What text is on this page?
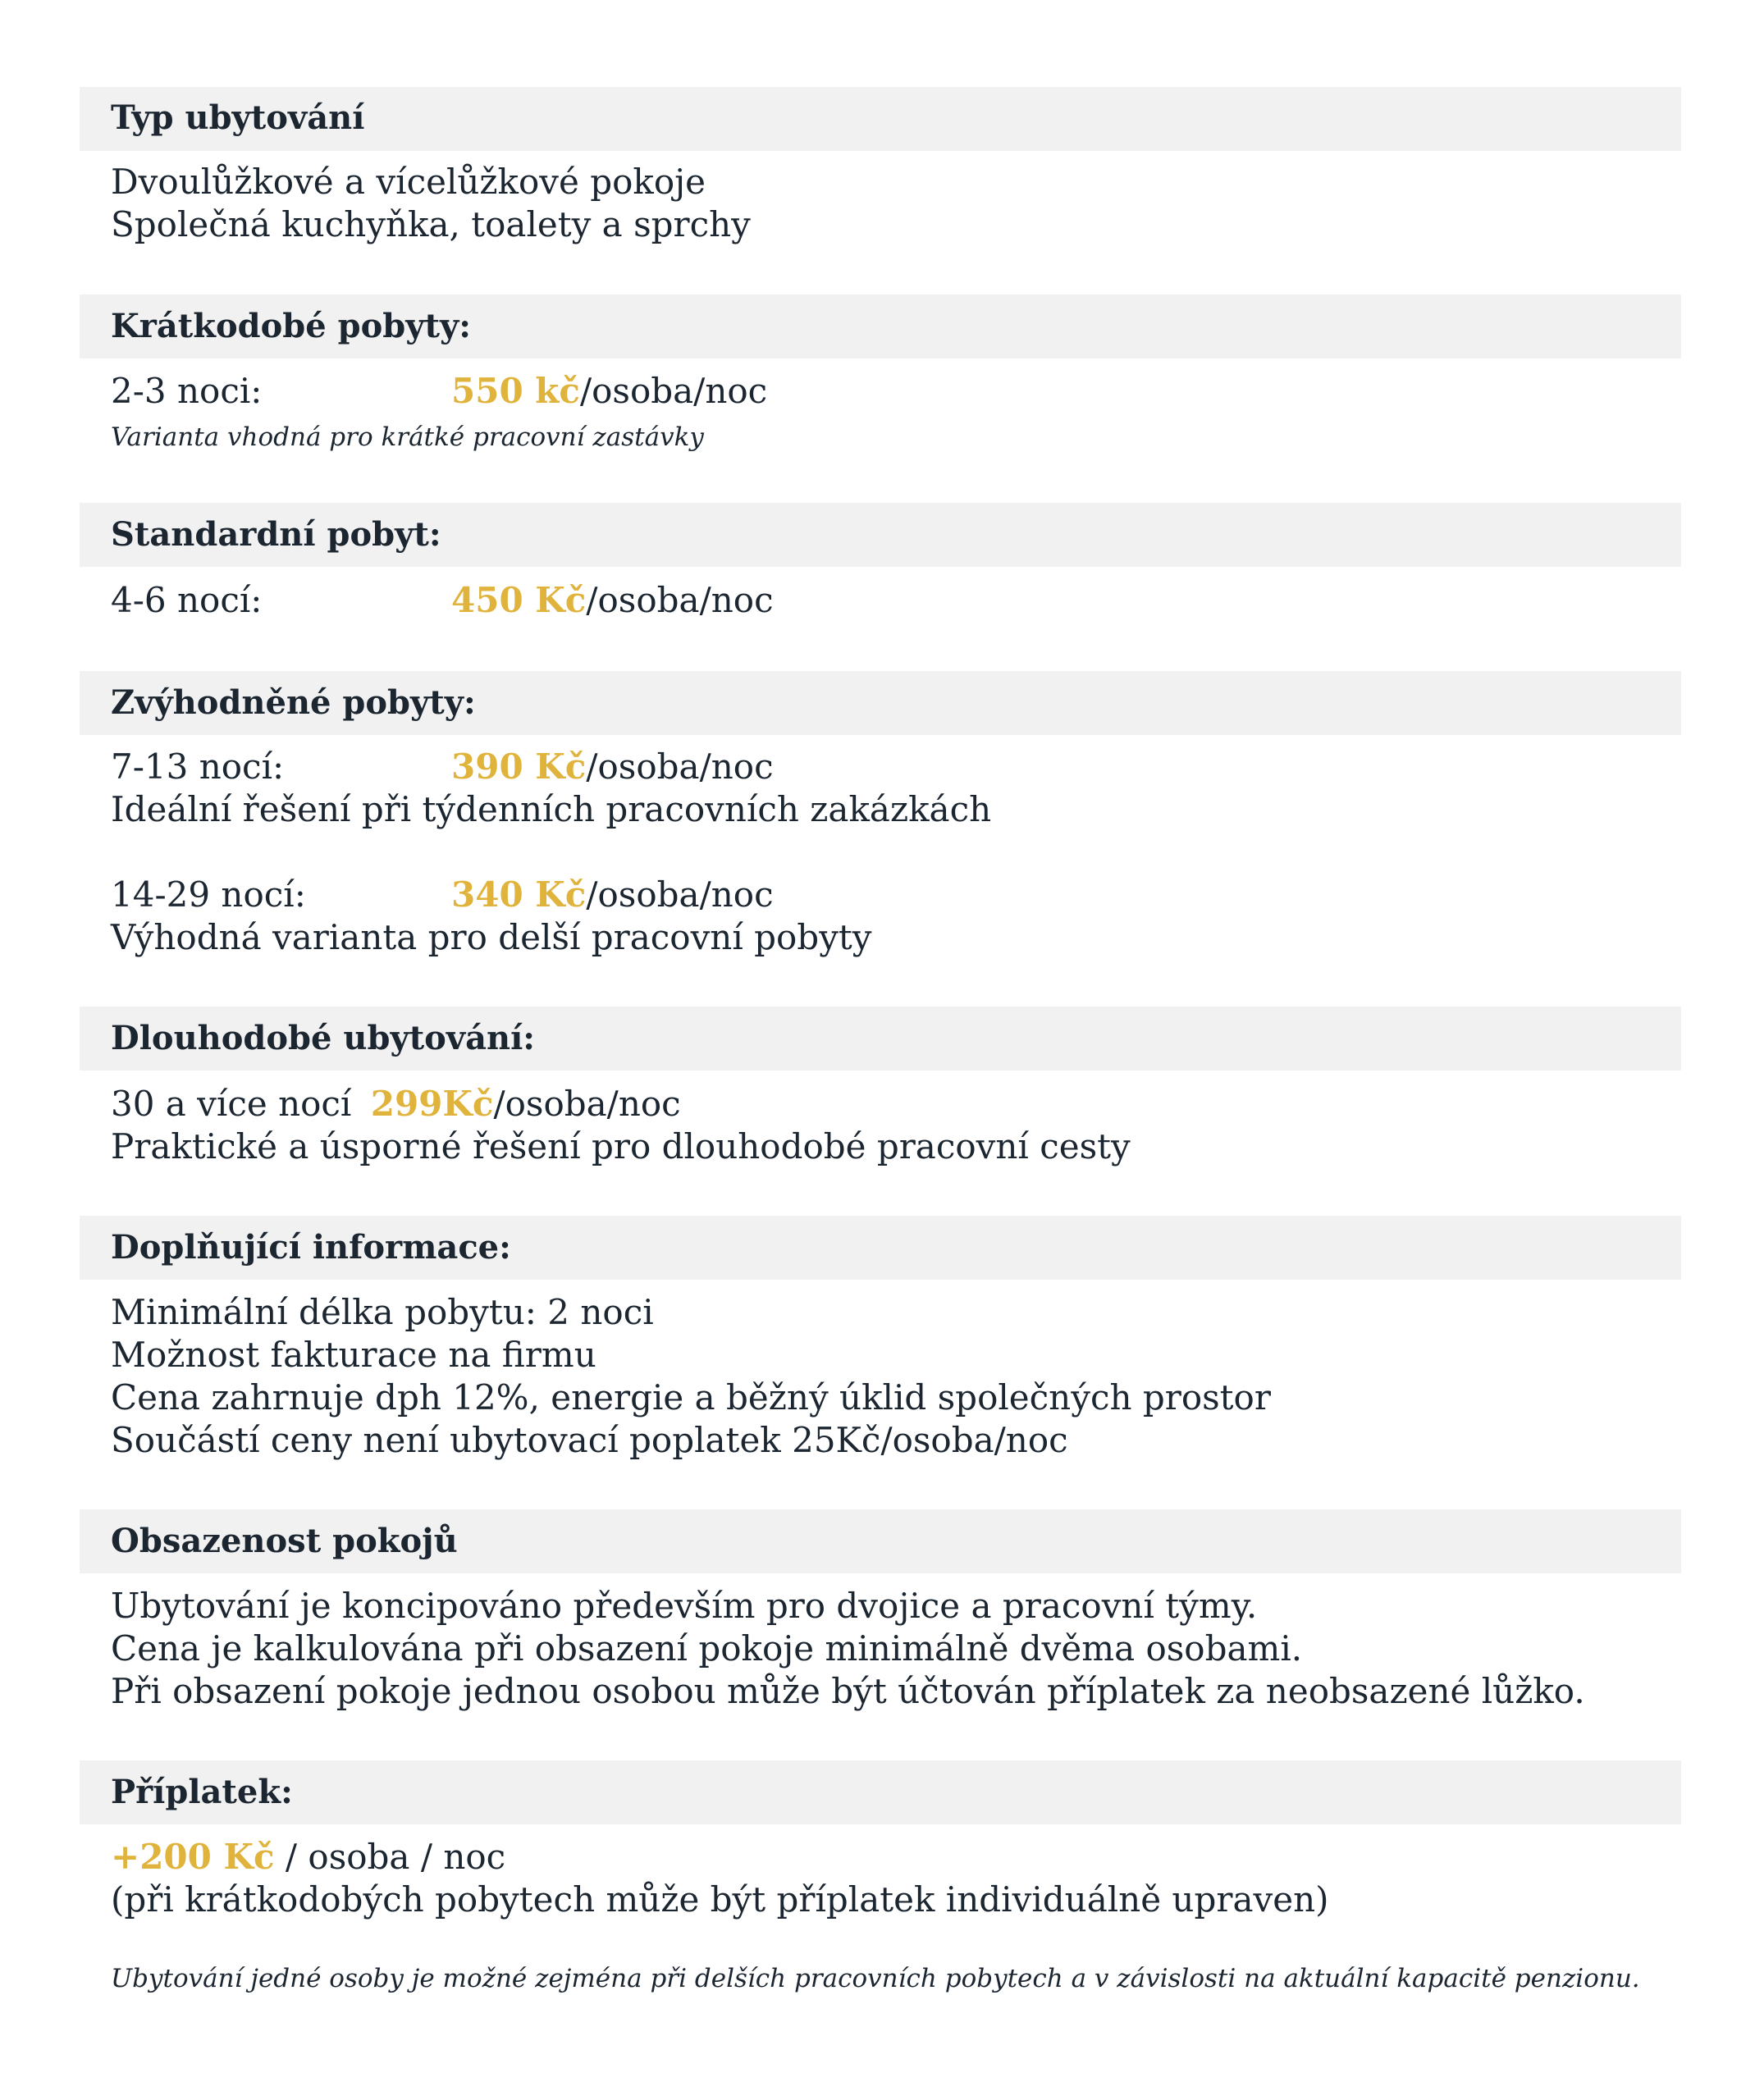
Typ ubytování
Dvoulůžkové a vícelůžkové pokoje
Společná kuchyňka, toalety a sprchy
Krátkodobé pobyty:
2-3 noci:	550 kč/osoba/noc
Varianta vhodná pro krátké pracovní zastávky
Standardní pobyt:
4-6 nocí:	450 Kč/osoba/noc
Zvýhodněné pobyty:
7-13 nocí:	390 Kč/osoba/noc
Ideální řešení při týdenních pracovních zakázkách
14-29 nocí:	340 Kč/osoba/noc
Výhodná varianta pro delší pracovní pobyty
Dlouhodobé ubytování:
30 a více nocí 299Kč/osoba/noc
Praktické a úsporné řešení pro dlouhodobé pracovní cesty
Doplňující informace:
Minimální délka pobytu: 2 noci
Možnost fakturace na firmu
Cena zahrnuje dph 12%, energie a běžný úklid společných prostor
Součástí ceny není ubytovací poplatek 25Kč/osoba/noc
Obsazenost pokojů
Ubytování je koncipováno především pro dvojice a pracovní týmy.
Cena je kalkulována při obsazení pokoje minimálně dvěma osobami.
Při obsazení pokoje jednou osobou může být účtován příplatek za neobsazené lůžko.
Příplatek:
+200 Kč / osoba / noc
(při krátkodobých pobytech může být příplatek individuálně upraven)
Ubytování jedné osoby je možné zejména při delších pracovních pobytech a v závislosti na aktuální kapacitě penzionu.
